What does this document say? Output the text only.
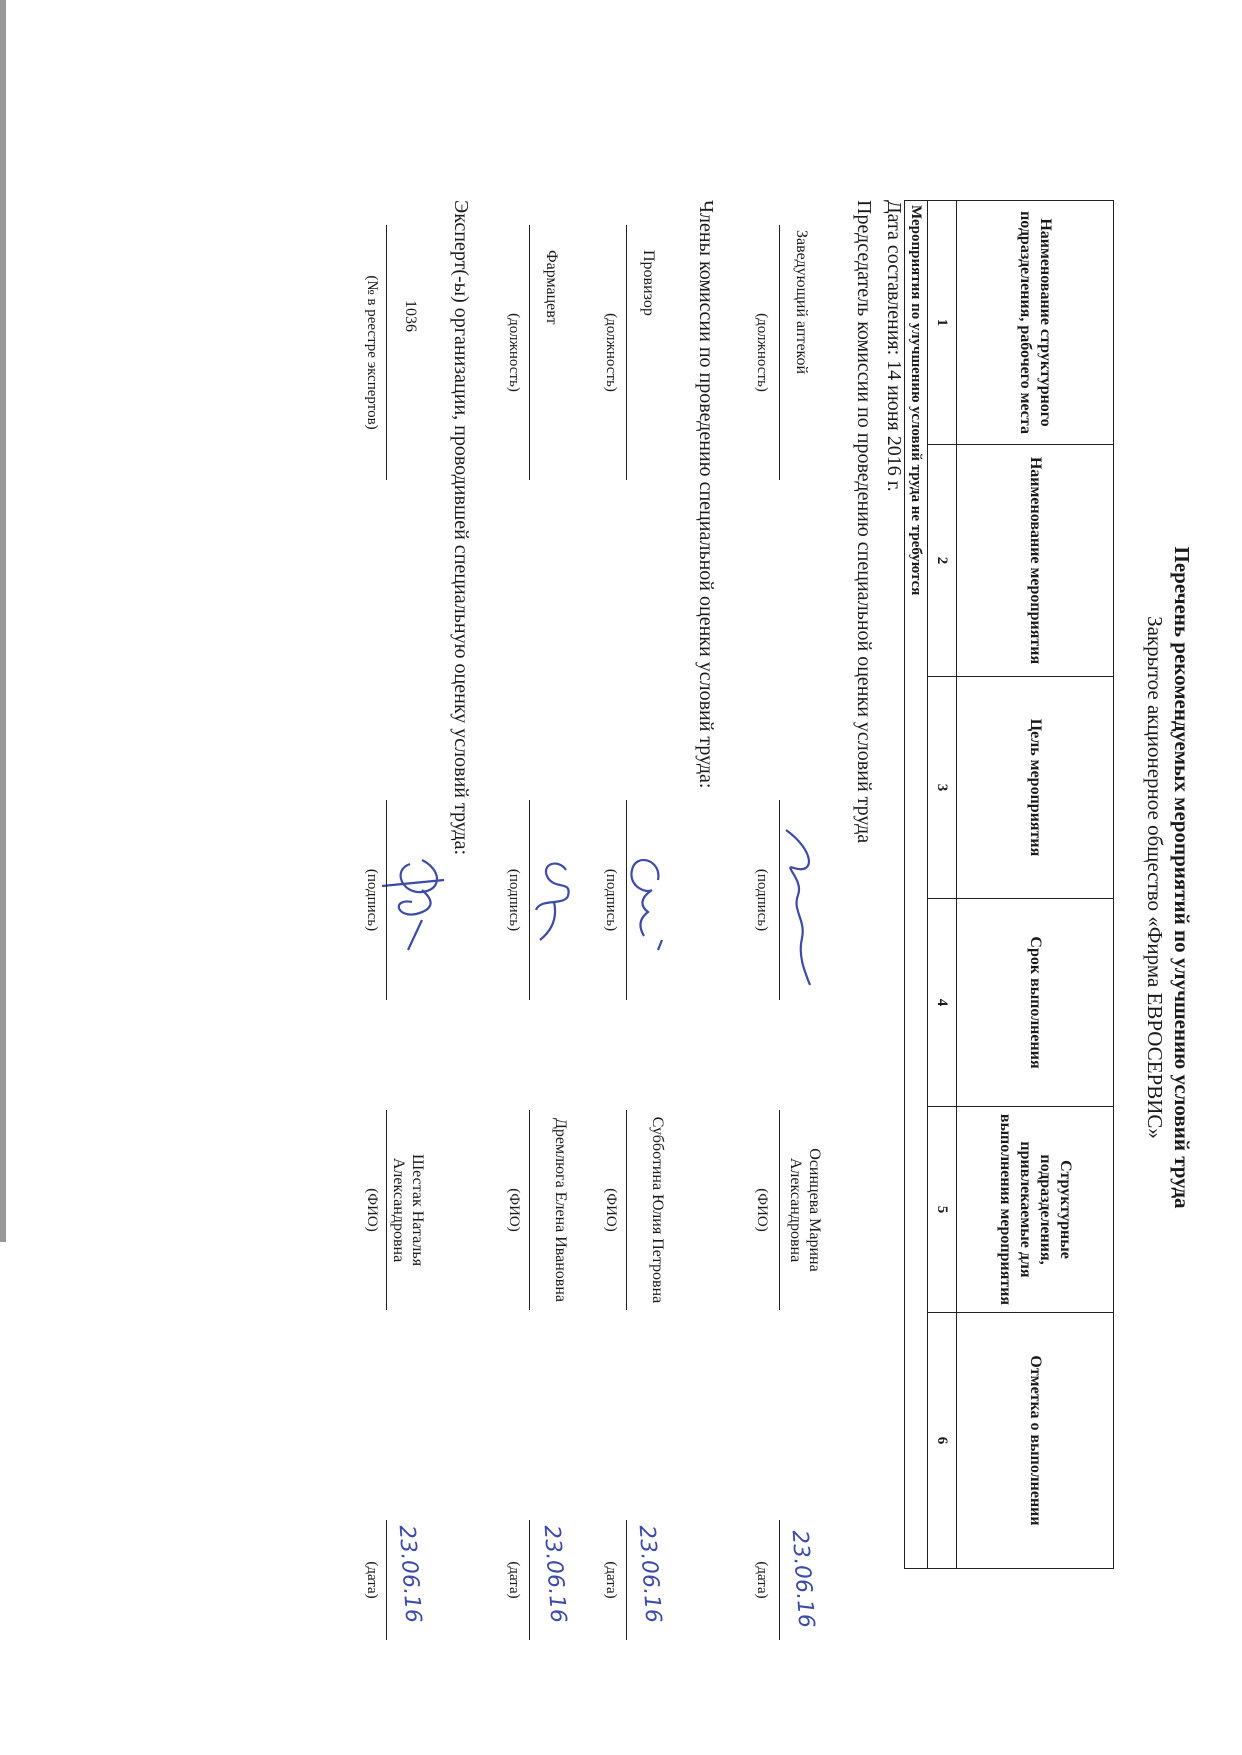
Перечень рекомендуемых мероприятий по улучшению условий труда
Закрытое акционерное общество «Фирма ЕВРОСЕРВИС»
Наименование структурного подразделения, рабочего места	Наименование мероприятия	Цель мероприятия	Срок выполнения	Структурные подразделения, привлекаемые для выполнения мероприятия	Отметка о выполнении
1	2	3	4	5	6
Мероприятия по улучшению условий труда не требуются					
Дата составления: 14 июня 2016 г.
Председатель комиссии по проведению специальной оценки условий труда
Заведующий аптекой
(должность)
(подпись)
Осинцева Марина Александровна
(ФИО)
23.06.16
(дата)
Члены комиссии по проведению специальной оценки условий труда:
Провизор
(должность)
(подпись)
Субботина Юлия Петровна
(ФИО)
23.06.16
(дата)
Фармацевт
(должность)
(подпись)
Дремлюга Елена Ивановна
(ФИО)
23.06.16
(дата)
Эксперт(-ы) организации, проводившей специальную оценку условий труда:
1036
(№ в реестре экспертов)
(подпись)
Шестак Наталья Александровна
(ФИО)
23.06.16
(дата)
